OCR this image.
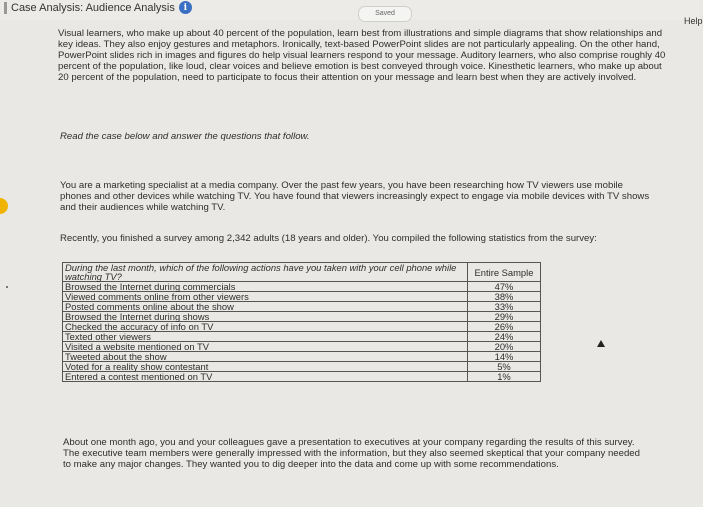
Case Analysis: Audience Analysis i
Saved
Help
Visual learners, who make up about 40 percent of the population, learn best from illustrations and simple diagrams that show relationships and key ideas. They also enjoy gestures and metaphors. Ironically, text-based PowerPoint slides are not particularly appealing. On the other hand, PowerPoint slides rich in images and figures do help visual learners respond to your message. Auditory learners, who also comprise roughly 40 percent of the population, like loud, clear voices and believe emotion is best conveyed through voice. Kinesthetic learners, who make up about 20 percent of the population, need to participate to focus their attention on your message and learn best when they are actively involved.
Read the case below and answer the questions that follow.
You are a marketing specialist at a media company. Over the past few years, you have been researching how TV viewers use mobile phones and other devices while watching TV. You have found that viewers increasingly expect to engage via mobile devices with TV shows and their audiences while watching TV.
Recently, you finished a survey among 2,342 adults (18 years and older). You compiled the following statistics from the survey:
During the last month, which of the following actions have you taken with your cell phone while watching TV?	Entire Sample
Browsed the Internet during commercials	47%
Viewed comments online from other viewers	38%
Posted comments online about the show	33%
Browsed the Internet during shows	29%
Checked the accuracy of info on TV	26%
Texted other viewers	24%
Visited a website mentioned on TV	20%
Tweeted about the show	14%
Voted for a reality show contestant	5%
Entered a contest mentioned on TV	1%
About one month ago, you and your colleagues gave a presentation to executives at your company regarding the results of this survey. The executive team members were generally impressed with the information, but they also seemed skeptical that your company needed to make any major changes. They wanted you to dig deeper into the data and come up with some recommendations.
